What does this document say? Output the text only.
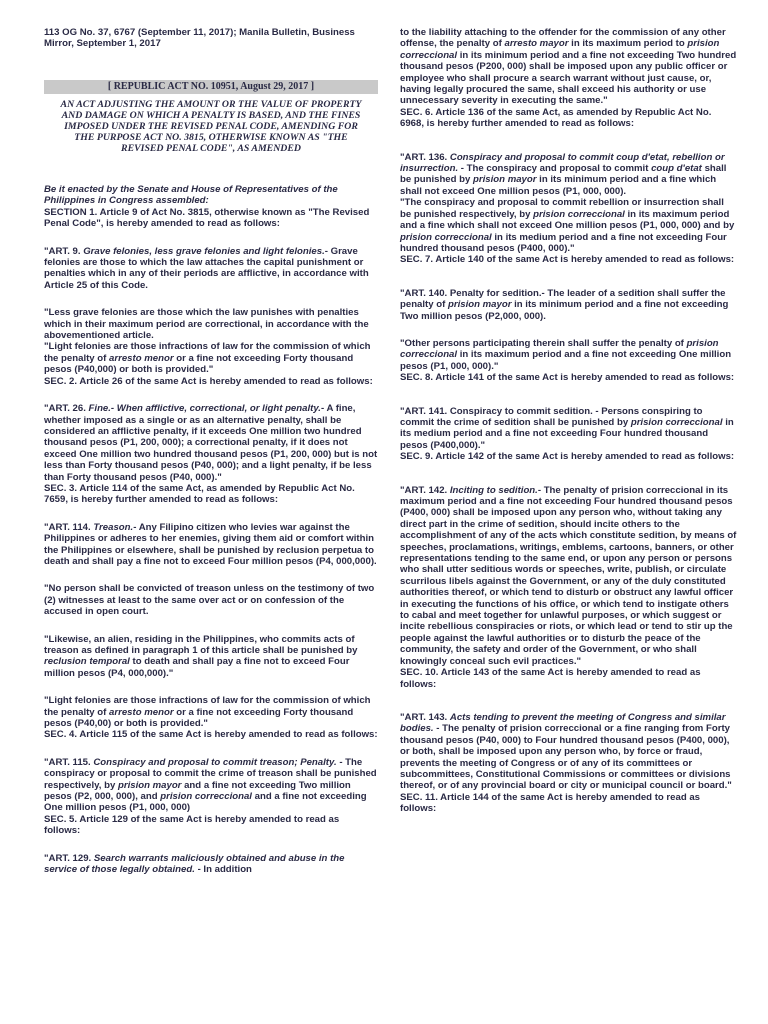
113 OG No. 37, 6767 (September 11, 2017); Manila Bulletin, Business Mirror, September 1, 2017

[ REPUBLIC ACT NO. 10951, August 29, 2017 ]

AN ACT ADJUSTING THE AMOUNT OR THE VALUE OF PROPERTY AND DAMAGE ON WHICH A PENALTY IS BASED, AND THE FINES IMPOSED UNDER THE REVISED PENAL CODE, AMENDING FOR THE PURPOSE ACT NO. 3815, OTHERWISE KNOWN AS "THE REVISED PENAL CODE", AS AMENDED

Be it enacted by the Senate and House of Representatives of the Philippines in Congress assembled:

SECTION 1. Article 9 of Act No. 3815, otherwise known as "The Revised Penal Code", is hereby amended to read as follows:

"ART. 9. Grave felonies, less grave felonies and light felonies.- Grave felonies are those to which the law attaches the capital punishment or penalties which in any of their periods are afflictive, in accordance with Article 25 of this Code.

"Less grave felonies are those which the law punishes with penalties which in their maximum period are correctional, in accordance with the abovementioned article.

"Light felonies are those infractions of law for the commission of which the penalty of arresto menor or a fine not exceeding Forty thousand pesos (P40,000) or both is provided."

SEC. 2. Article 26 of the same Act is hereby amended to read as follows:

"ART. 26. Fine.- When afflictive, correctional, or light penalty.- A fine, whether imposed as a single or as an alternative penalty, shall be considered an afflictive penalty, if it exceeds One million two hundred thousand pesos (P1, 200, 000); a correctional penalty, if it does not exceed One million two hundred thousand pesos (P1, 200, 000) but is not less than Forty thousand pesos (P40, 000); and a light penalty, if be less than Forty thousand pesos (P40, 000)."

SEC. 3. Article 114 of the same Act, as amended by Republic Act No. 7659, is hereby further amended to read as follows:

"ART. 114. Treason.- Any Filipino citizen who levies war against the Philippines or adheres to her enemies, giving them aid or comfort within the Philippines or elsewhere, shall be punished by reclusion perpetua to death and shall pay a fine not to exceed Four million pesos (P4, 000,000).

"No person shall be convicted of treason unless on the testimony of two (2) witnesses at least to the same over act or on confession of the accused in open court.

"Likewise, an alien, residing in the Philippines, who commits acts of treason as defined in paragraph 1 of this article shall be punished by reclusion temporal to death and shall pay a fine not to exceed Four million pesos (P4, 000,000)."

"Light felonies are those infractions of law for the commission of which the penalty of arresto menor or a fine not exceeding Forty thousand pesos (P40,00) or both is provided."

SEC. 4. Article 115 of the same Act is hereby amended to read as follows:

"ART. 115. Conspiracy and proposal to commit treason; Penalty. - The conspiracy or proposal to commit the crime of treason shall be punished respectively, by prision mayor and a fine not exceeding Two million pesos (P2, 000, 000), and prision correccional and a fine not exceeding One million pesos (P1, 000, 000)

SEC. 5. Article 129 of the same Act is hereby amended to read as follows:

"ART. 129. Search warrants maliciously obtained and abuse in the service of those legally obtained. - In addition

to the liability attaching to the offender for the commission of any other offense, the penalty of arresto mayor in its maximum period to prision correccional in its minimum period and a fine not exceeding Two hundred thousand pesos (P200, 000) shall be imposed upon any public officer or employee who shall procure a search warrant without just cause, or, having legally procured the same, shall exceed his authority or use unnecessary severity in executing the same."

SEC. 6. Article 136 of the same Act, as amended by Republic Act No. 6968, is hereby further amended to read as follows:

"ART. 136. Conspiracy and proposal to commit coup d'etat, rebellion or insurrection. - The conspiracy and proposal to commit coup d'etat shall be punished by prision mayor in its minimum period and a fine which shall not exceed One million pesos (P1, 000, 000).

"The conspiracy and proposal to commit rebellion or insurrection shall be punished respectively, by prision correccional in its maximum period and a fine which shall not exceed One million pesos (P1, 000, 000) and by prision correccional in its medium period and a fine not exceeding Four hundred thousand pesos (P400, 000)."

SEC. 7. Article 140 of the same Act is hereby amended to read as follows:

"ART. 140. Penalty for sedition.- The leader of a sedition shall suffer the penalty of prision mayor in its minimum period and a fine not exceeding Two million pesos (P2,000, 000).

"Other persons participating therein shall suffer the penalty of prision correccional in its maximum period and a fine not exceeding One million pesos (P1, 000, 000)."

SEC. 8. Article 141 of the same Act is hereby amended to read as follows:

"ART. 141. Conspiracy to commit sedition. - Persons conspiring to commit the crime of sedition shall be punished by prision correccional in its medium period and a fine not exceeding Four hundred thousand pesos (P400,000)."

SEC. 9. Article 142 of the same Act is hereby amended to read as follows:

"ART. 142. Inciting to sedition.- The penalty of prision correccional in its maximum period and a fine not exceeding Four hundred thousand pesos (P400, 000) shall be imposed upon any person who, without taking any direct part in the crime of sedition, should incite others to the accomplishment of any of the acts which constitute sedition, by means of speeches, proclamations, writings, emblems, cartoons, banners, or other representations tending to the same end, or upon any person or persons who shall utter seditious words or speeches, write, publish, or circulate scurrilous libels against the Government, or any of the duly constituted authorities thereof, or which tend to disturb or obstruct any lawful officer in executing the functions of his office, or which tend to instigate others to cabal and meet together for unlawful purposes, or which suggest or incite rebellious conspiracies or riots, or which lead or tend to stir up the people against the lawful authorities or to disturb the peace of the community, the safety and order of the Government, or who shall knowingly conceal such evil practices."

SEC. 10. Article 143 of the same Act is hereby amended to read as follows:

"ART. 143. Acts tending to prevent the meeting of Congress and similar bodies. - The penalty of prision correccional or a fine ranging from Forty thousand pesos (P40, 000) to Four hundred thousand pesos (P400, 000), or both, shall be imposed upon any person who, by force or fraud, prevents the meeting of Congress or of any of its committees or subcommittees, Constitutional Commissions or committees or divisions thereof, or of any provincial board or city or municipal council or board."

SEC. 11. Article 144 of the same Act is hereby amended to read as follows:
